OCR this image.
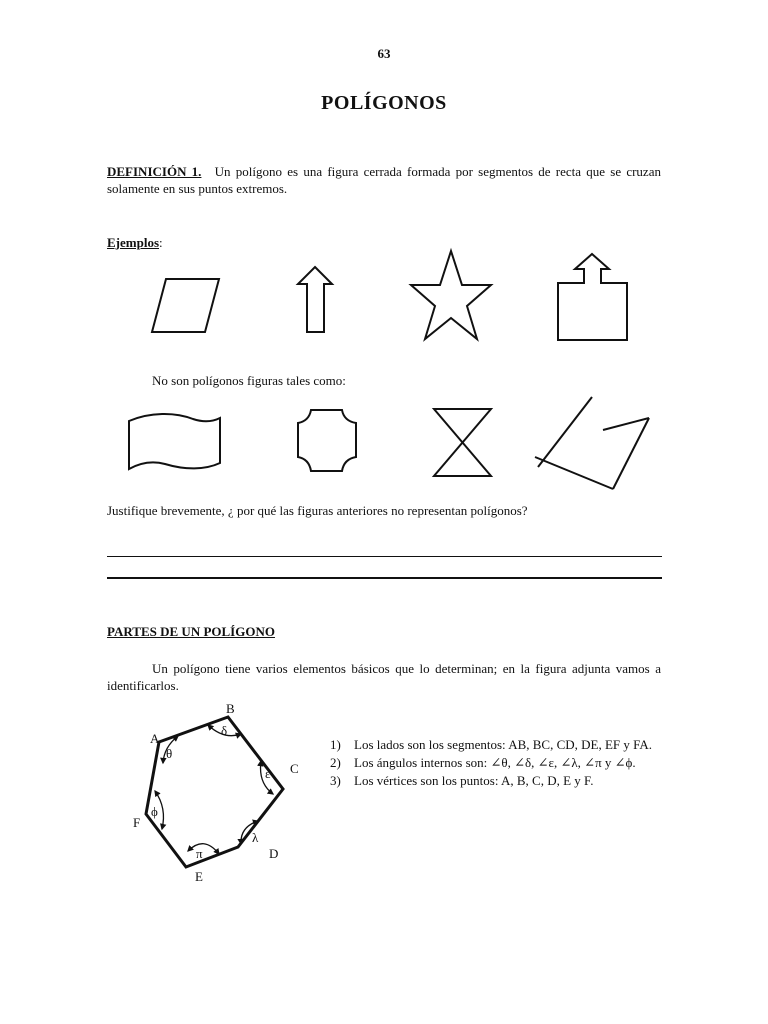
63
POLÍGONOS
DEFINICIÓN 1. Un polígono es una figura cerrada formada por segmentos de recta que se cruzan solamente en sus puntos extremos.
Ejemplos:
No son polígonos figuras tales como:
Justifique brevemente, ¿ por qué las figuras anteriores no representan polígonos?
PARTES DE UN POLÍGONO
Un polígono tiene varios elementos básicos que lo determinan; en la figura adjunta vamos a identificarlos.
A
B
C
D
E
F
θ
δ
ε
λ
π
ϕ
1) Los lados son los segmentos: AB, BC, CD, DE, EF y FA.
2) Los ángulos internos son: ∠θ, ∠δ, ∠ε, ∠λ, ∠π y ∠ϕ.
3) Los vértices son los puntos: A, B, C, D, E y F.
